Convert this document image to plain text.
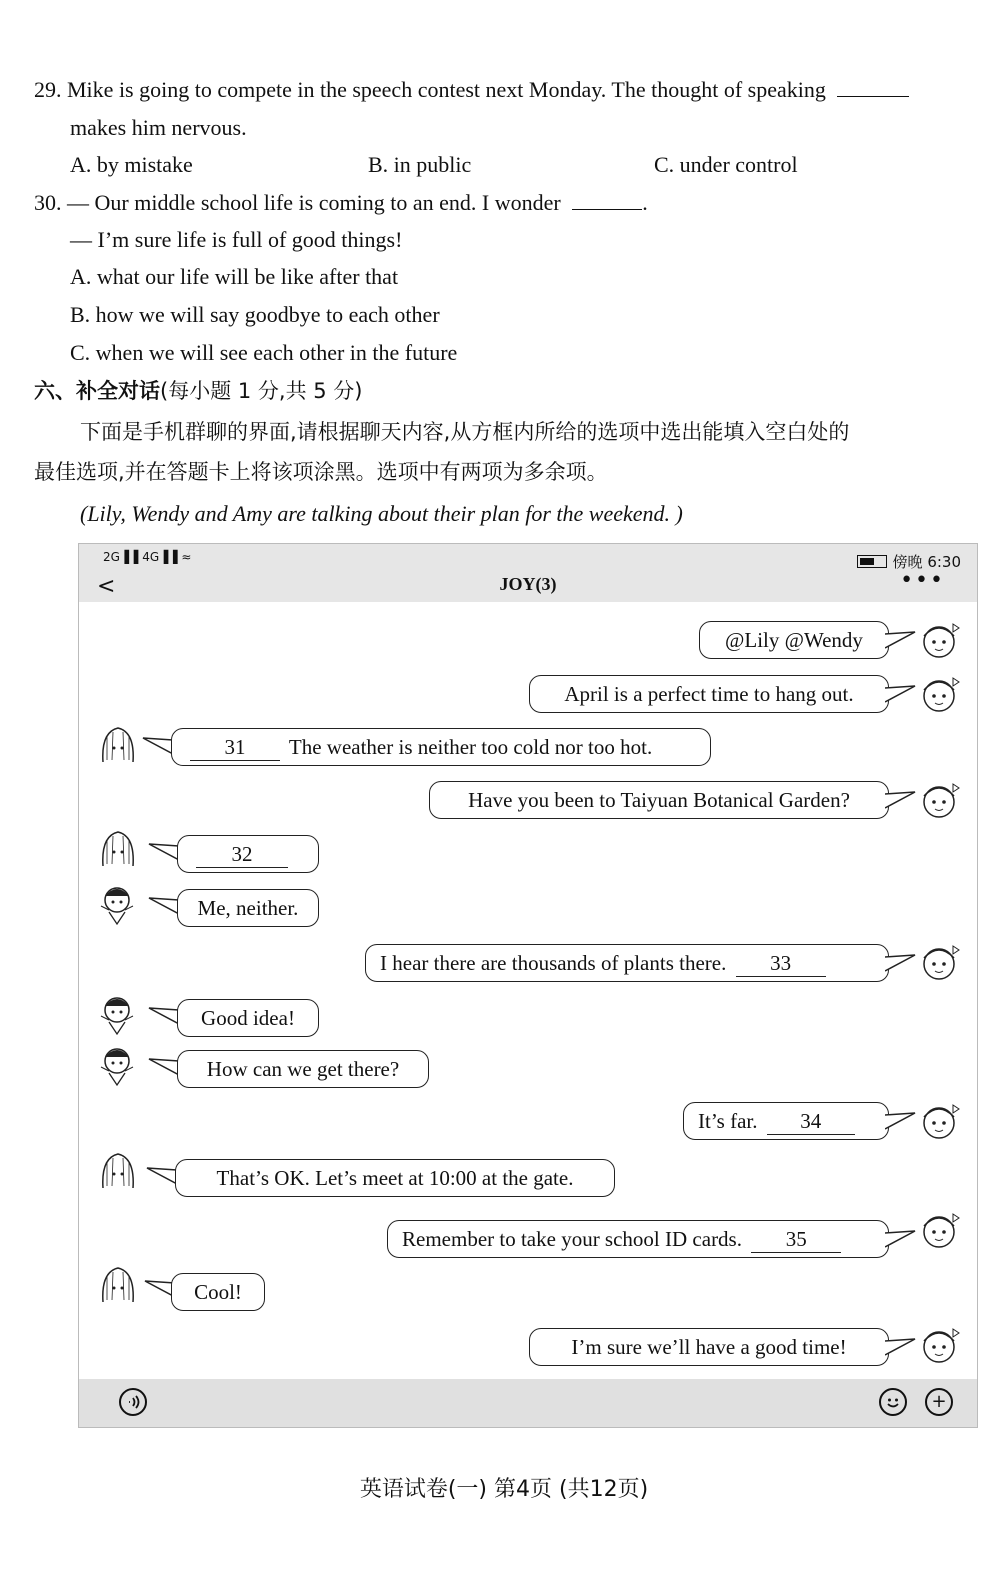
29. Mike is going to compete in the speech contest next Monday. The thought of speaking
makes him nervous.
A. by mistake	B. in public	C. under control
30. — Our middle school life is coming to an end. I wonder	.
— I’m sure life is full of good things!
A. what our life will be like after that
B. how we will say goodbye to each other
C. when we will see each other in the future
六、补全对话(每小题 1 分,共 5 分)
下面是手机群聊的界面,请根据聊天内容,从方框内所给的选项中选出能填入空白处的
最佳选项,并在答题卡上将该项涂黑。选项中有两项为多余项。
(Lily, Wendy and Amy are talking about their plan for the weekend. )
2G▐▐ 4G▐▐ ≈	傍晚 6:30
<	JOY(3)	•••
@Lily @Wendy
April is a perfect time to hang out.
31 The weather is neither too cold nor too hot.
Have you been to Taiyuan Botanical Garden?
32
Me, neither.
I hear there are thousands of plants there. 33
Good idea!
How can we get there?
It’s far. 34
That’s OK. Let’s meet at 10:00 at the gate.
Remember to take your school ID cards. 35
Cool!
I’m sure we’ll have a good time!
+
英语试卷(一) 第4页 (共12页)
